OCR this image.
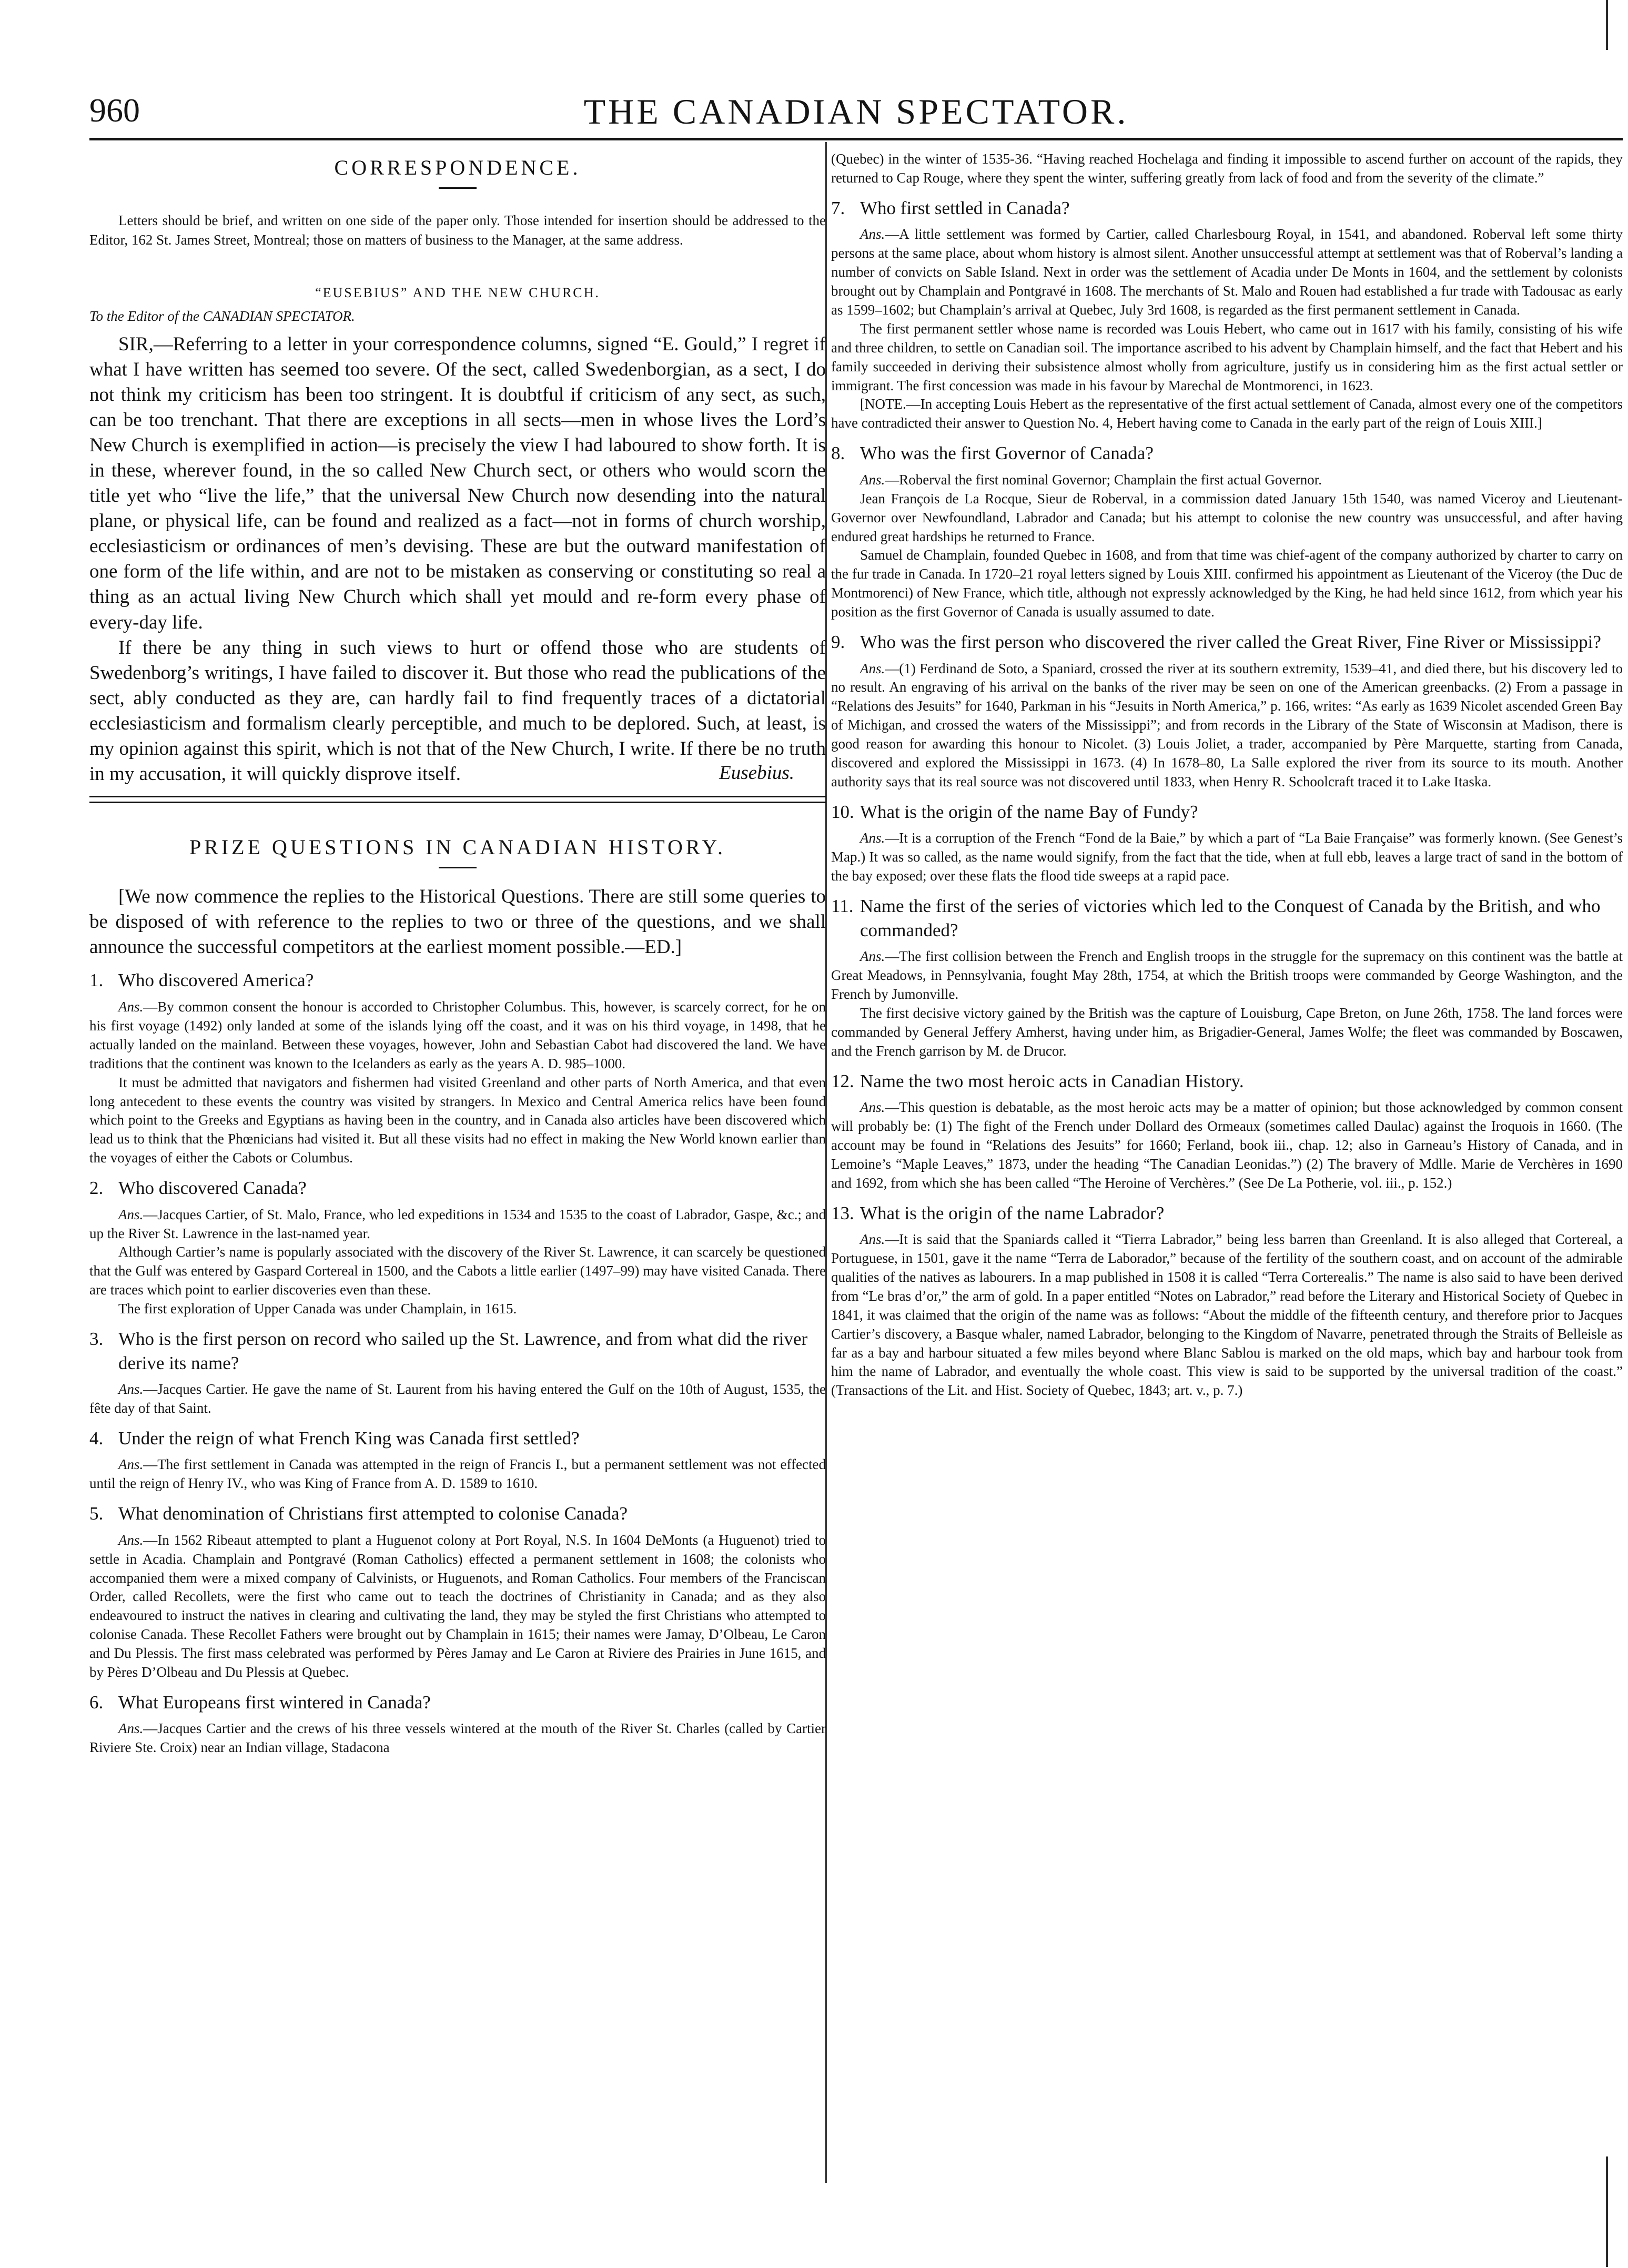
960	THE CANADIAN SPECTATOR.
CORRESPONDENCE.

Letters should be brief, and written on one side of the paper only. Those intended for insertion should be addressed to the Editor, 162 St. James Street, Montreal; those on matters of business to the Manager, at the same address.

“EUSEBIUS” AND THE NEW CHURCH.
To the Editor of the CANADIAN SPECTATOR.

SIR,—Referring to a letter in your correspondence columns, signed “E. Gould,” I regret if what I have written has seemed too severe. Of the sect, called Swedenborgian, as a sect, I do not think my criticism has been too stringent. It is doubtful if criticism of any sect, as such, can be too trenchant. That there are exceptions in all sects—men in whose lives the Lord’s New Church is exemplified in action—is precisely the view I had laboured to show forth. It is in these, wherever found, in the so called New Church sect, or others who would scorn the title yet who “live the life,” that the universal New Church now desending into the natural plane, or physical life, can be found and realized as a fact—not in forms of church worship, ecclesiasticism or ordinances of men’s devising. These are but the outward manifestation of one form of the life within, and are not to be mistaken as conserving or constituting so real a thing as an actual living New Church which shall yet mould and re-form every phase of every-day life.

If there be any thing in such views to hurt or offend those who are students of Swedenborg’s writings, I have failed to discover it. But those who read the publications of the sect, ably conducted as they are, can hardly fail to find frequently traces of a dictatorial ecclesiasticism and formalism clearly perceptible, and much to be deplored. Such, at least, is my opinion against this spirit, which is not that of the New Church, I write. If there be no truth in my accusation, it will quickly disprove itself.	Eusebius.
PRIZE QUESTIONS IN CANADIAN HISTORY.

[We now commence the replies to the Historical Questions. There are still some queries to be disposed of with reference to the replies to two or three of the questions, and we shall announce the successful competitors at the earliest moment possible.—ED.]

1. Who discovered America?

Ans.—By common consent the honour is accorded to Christopher Columbus. This, however, is scarcely correct, for he on his first voyage (1492) only landed at some of the islands lying off the coast, and it was on his third voyage, in 1498, that he actually landed on the mainland. Between these voyages, however, John and Sebastian Cabot had discovered the land. We have traditions that the continent was known to the Icelanders as early as the years A. D. 985–1000.

It must be admitted that navigators and fishermen had visited Greenland and other parts of North America, and that even long antecedent to these events the country was visited by strangers. In Mexico and Central America relics have been found which point to the Greeks and Egyptians as having been in the country, and in Canada also articles have been discovered which lead us to think that the Phœnicians had visited it. But all these visits had no effect in making the New World known earlier than the voyages of either the Cabots or Columbus.

2. Who discovered Canada?

Ans.—Jacques Cartier, of St. Malo, France, who led expeditions in 1534 and 1535 to the coast of Labrador, Gaspe, &c.; and up the River St. Lawrence in the last-named year.

Although Cartier’s name is popularly associated with the discovery of the River St. Lawrence, it can scarcely be questioned that the Gulf was entered by Gaspard Cortereal in 1500, and the Cabots a little earlier (1497–99) may have visited Canada. There are traces which point to earlier discoveries even than these.

The first exploration of Upper Canada was under Champlain, in 1615.

3. Who is the first person on record who sailed up the St. Lawrence, and from what did the river derive its name?

Ans.—Jacques Cartier. He gave the name of St. Laurent from his having entered the Gulf on the 10th of August, 1535, the fête day of that Saint.

4. Under the reign of what French King was Canada first settled?

Ans.—The first settlement in Canada was attempted in the reign of Francis I., but a permanent settlement was not effected until the reign of Henry IV., who was King of France from A. D. 1589 to 1610.

5. What denomination of Christians first attempted to colonise Canada?

Ans.—In 1562 Ribeaut attempted to plant a Huguenot colony at Port Royal, N.S. In 1604 DeMonts (a Huguenot) tried to settle in Acadia. Champlain and Pontgravé (Roman Catholics) effected a permanent settlement in 1608; the colonists who accompanied them were a mixed company of Calvinists, or Huguenots, and Roman Catholics. Four members of the Franciscan Order, called Recollets, were the first who came out to teach the doctrines of Christianity in Canada; and as they also endeavoured to instruct the natives in clearing and cultivating the land, they may be styled the first Christians who attempted to colonise Canada. These Recollet Fathers were brought out by Champlain in 1615; their names were Jamay, D’Olbeau, Le Caron and Du Plessis. The first mass celebrated was performed by Pères Jamay and Le Caron at Riviere des Prairies in June 1615, and by Pères D’Olbeau and Du Plessis at Quebec.

6. What Europeans first wintered in Canada?

Ans.—Jacques Cartier and the crews of his three vessels wintered at the mouth of the River St. Charles (called by Cartier Riviere Ste. Croix) near an Indian village, Stadacona

(Quebec) in the winter of 1535-36. “Having reached Hochelaga and finding it impossible to ascend further on account of the rapids, they returned to Cap Rouge, where they spent the winter, suffering greatly from lack of food and from the severity of the climate.”

7. Who first settled in Canada?

Ans.—A little settlement was formed by Cartier, called Charlesbourg Royal, in 1541, and abandoned. Roberval left some thirty persons at the same place, about whom history is almost silent. Another unsuccessful attempt at settlement was that of Roberval’s landing a number of convicts on Sable Island. Next in order was the settlement of Acadia under De Monts in 1604, and the settlement by colonists brought out by Champlain and Pontgravé in 1608. The merchants of St. Malo and Rouen had established a fur trade with Tadousac as early as 1599–1602; but Champlain’s arrival at Quebec, July 3rd 1608, is regarded as the first permanent settlement in Canada.

The first permanent settler whose name is recorded was Louis Hebert, who came out in 1617 with his family, consisting of his wife and three children, to settle on Canadian soil. The importance ascribed to his advent by Champlain himself, and the fact that Hebert and his family succeeded in deriving their subsistence almost wholly from agriculture, justify us in considering him as the first actual settler or immigrant. The first concession was made in his favour by Marechal de Montmorenci, in 1623.

[NOTE.—In accepting Louis Hebert as the representative of the first actual settlement of Canada, almost every one of the competitors have contradicted their answer to Question No. 4, Hebert having come to Canada in the early part of the reign of Louis XIII.]

8. Who was the first Governor of Canada?

Ans.—Roberval the first nominal Governor; Champlain the first actual Governor.

Jean François de La Rocque, Sieur de Roberval, in a commission dated January 15th 1540, was named Viceroy and Lieutenant-Governor over Newfoundland, Labrador and Canada; but his attempt to colonise the new country was unsuccessful, and after having endured great hardships he returned to France.

Samuel de Champlain, founded Quebec in 1608, and from that time was chief-agent of the company authorized by charter to carry on the fur trade in Canada. In 1720–21 royal letters signed by Louis XIII. confirmed his appointment as Lieutenant of the Viceroy (the Duc de Montmorenci) of New France, which title, although not expressly acknowledged by the King, he had held since 1612, from which year his position as the first Governor of Canada is usually assumed to date.

9. Who was the first person who discovered the river called the Great River, Fine River or Mississippi?

Ans.—(1) Ferdinand de Soto, a Spaniard, crossed the river at its southern extremity, 1539–41, and died there, but his discovery led to no result. An engraving of his arrival on the banks of the river may be seen on one of the American greenbacks. (2) From a passage in “Relations des Jesuits” for 1640, Parkman in his “Jesuits in North America,” p. 166, writes: “As early as 1639 Nicolet ascended Green Bay of Michigan, and crossed the waters of the Mississippi”; and from records in the Library of the State of Wisconsin at Madison, there is good reason for awarding this honour to Nicolet. (3) Louis Joliet, a trader, accompanied by Père Marquette, starting from Canada, discovered and explored the Mississippi in 1673. (4) In 1678–80, La Salle explored the river from its source to its mouth. Another authority says that its real source was not discovered until 1833, when Henry R. Schoolcraft traced it to Lake Itaska.

10. What is the origin of the name Bay of Fundy?

Ans.—It is a corruption of the French “Fond de la Baie,” by which a part of “La Baie Française” was formerly known. (See Genest’s Map.) It was so called, as the name would signify, from the fact that the tide, when at full ebb, leaves a large tract of sand in the bottom of the bay exposed; over these flats the flood tide sweeps at a rapid pace.

11. Name the first of the series of victories which led to the Conquest of Canada by the British, and who commanded?

Ans.—The first collision between the French and English troops in the struggle for the supremacy on this continent was the battle at Great Meadows, in Pennsylvania, fought May 28th, 1754, at which the British troops were commanded by George Washington, and the French by Jumonville.

The first decisive victory gained by the British was the capture of Louisburg, Cape Breton, on June 26th, 1758. The land forces were commanded by General Jeffery Amherst, having under him, as Brigadier-General, James Wolfe; the fleet was commanded by Boscawen, and the French garrison by M. de Drucor.

12. Name the two most heroic acts in Canadian History.

Ans.—This question is debatable, as the most heroic acts may be a matter of opinion; but those acknowledged by common consent will probably be: (1) The fight of the French under Dollard des Ormeaux (sometimes called Daulac) against the Iroquois in 1660. (The account may be found in “Relations des Jesuits” for 1660; Ferland, book iii., chap. 12; also in Garneau’s History of Canada, and in Lemoine’s “Maple Leaves,” 1873, under the heading “The Canadian Leonidas.”) (2) The bravery of Mdlle. Marie de Verchères in 1690 and 1692, from which she has been called “The Heroine of Verchères.” (See De La Potherie, vol. iii., p. 152.)

13. What is the origin of the name Labrador?

Ans.—It is said that the Spaniards called it “Tierra Labrador,” being less barren than Greenland. It is also alleged that Cortereal, a Portuguese, in 1501, gave it the name “Terra de Laborador,” because of the fertility of the southern coast, and on account of the admirable qualities of the natives as labourers. In a map published in 1508 it is called “Terra Corterealis.” The name is also said to have been derived from “Le bras d’or,” the arm of gold. In a paper entitled “Notes on Labrador,” read before the Literary and Historical Society of Quebec in 1841, it was claimed that the origin of the name was as follows: “About the middle of the fifteenth century, and therefore prior to Jacques Cartier’s discovery, a Basque whaler, named Labrador, belonging to the Kingdom of Navarre, penetrated through the Straits of Belleisle as far as a bay and harbour situated a few miles beyond where Blanc Sablou is marked on the old maps, which bay and harbour took from him the name of Labrador, and eventually the whole coast. This view is said to be supported by the universal tradition of the coast.” (Transactions of the Lit. and Hist. Society of Quebec, 1843; art. v., p. 7.)
